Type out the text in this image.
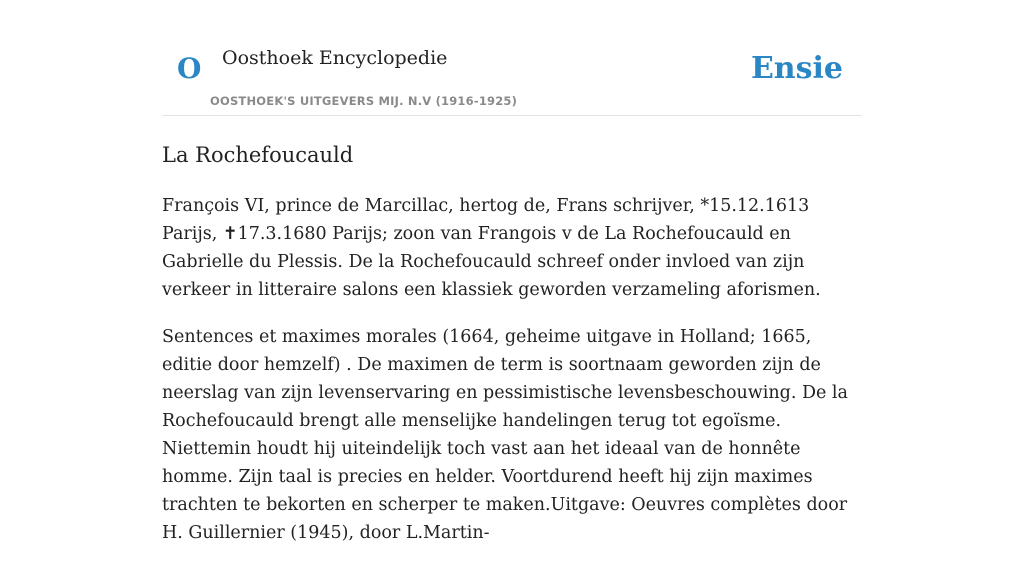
O Oosthoek Encyclopedie
OOSTHOEK'S UITGEVERS MIJ. N.V (1916-1925)
Ensie
La Rochefoucauld

François VI, prince de Marcillac, hertog de, Frans schrijver, *15.12.1613 Parijs, ✝17.3.1680 Parijs; zoon van Frangois v de La Rochefoucauld en Gabrielle du Plessis. De la Rochefoucauld schreef onder invloed van zijn verkeer in litteraire salons een klassiek geworden verzameling aforismen.

Sentences et maximes morales (1664, geheime uitgave in Holland; 1665, editie door hemzelf) . De maximen de term is soortnaam geworden zijn de neerslag van zijn levenservaring en pessimistische levensbeschouwing. De la Rochefoucauld brengt alle menselijke handelingen terug tot egoïsme. Niettemin houdt hij uiteindelijk toch vast aan het ideaal van de honnête homme. Zijn taal is precies en helder. Voortdurend heeft hij zijn maximes trachten te bekorten en scherper te maken.Uitgave: Oeuvres complètes door H. Guillernier (1945), door L.Martin-
